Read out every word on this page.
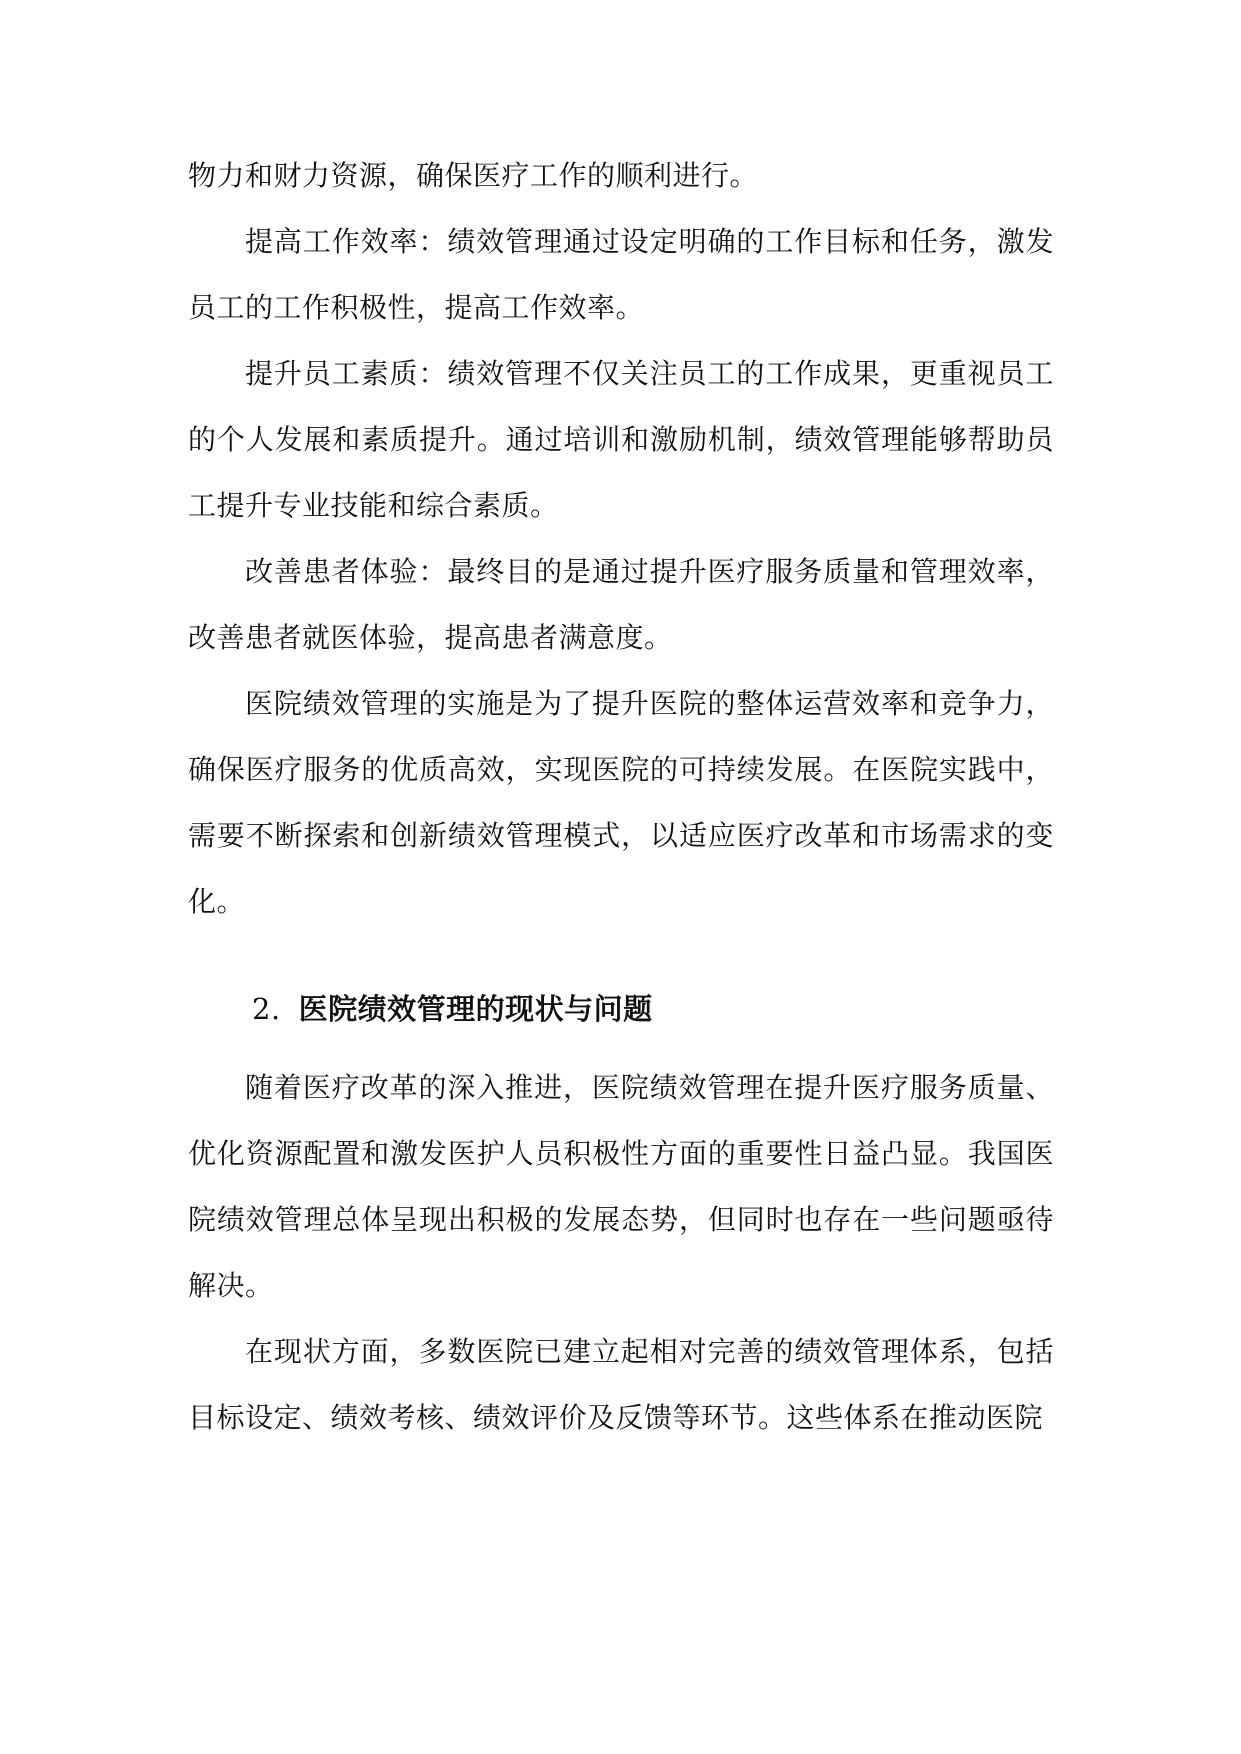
物力和财力资源，确保医疗工作的顺利进行。

提高工作效率：绩效管理通过设定明确的工作目标和任务，激发员工的工作积极性，提高工作效率。

提升员工素质：绩效管理不仅关注员工的工作成果，更重视员工的个人发展和素质提升。通过培训和激励机制，绩效管理能够帮助员工提升专业技能和综合素质。

改善患者体验：最终目的是通过提升医疗服务质量和管理效率，改善患者就医体验，提高患者满意度。

医院绩效管理的实施是为了提升医院的整体运营效率和竞争力，确保医疗服务的优质高效，实现医院的可持续发展。在医院实践中，需要不断探索和创新绩效管理模式，以适应医疗改革和市场需求的变化。

2. 医院绩效管理的现状与问题

随着医疗改革的深入推进，医院绩效管理在提升医疗服务质量、优化资源配置和激发医护人员积极性方面的重要性日益凸显。我国医院绩效管理总体呈现出积极的发展态势，但同时也存在一些问题亟待解决。

在现状方面，多数医院已建立起相对完善的绩效管理体系，包括目标设定、绩效考核、绩效评价及反馈等环节。这些体系在推动医院
